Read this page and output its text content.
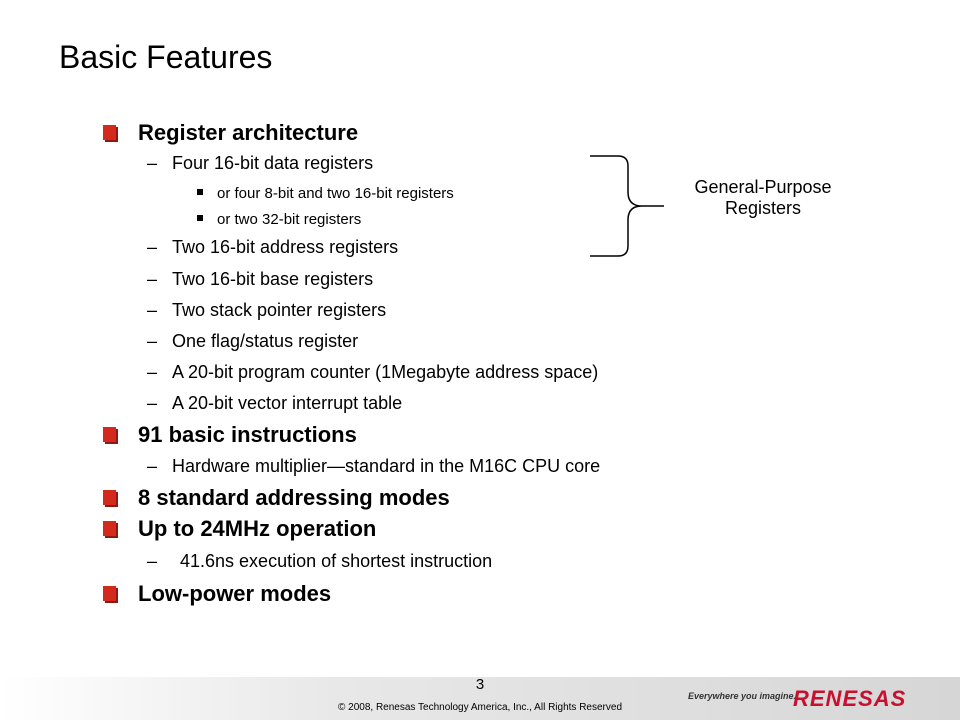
Basic Features
Register architecture
– Four 16-bit data registers
or four 8-bit and two 16-bit registers
or two 32-bit registers
– Two 16-bit address registers
– Two 16-bit base registers
– Two stack pointer registers
– One flag/status register
– A 20-bit program counter (1Megabyte address space)
– A 20-bit vector interrupt table
91 basic instructions
– Hardware multiplier—standard in the M16C CPU core
8 standard addressing modes
Up to 24MHz operation
– 41.6ns execution of shortest instruction
Low-power modes
General-Purpose
Registers
3
© 2008, Renesas Technology America, Inc., All Rights Reserved
Everywhere you imagine.
RENESAS
